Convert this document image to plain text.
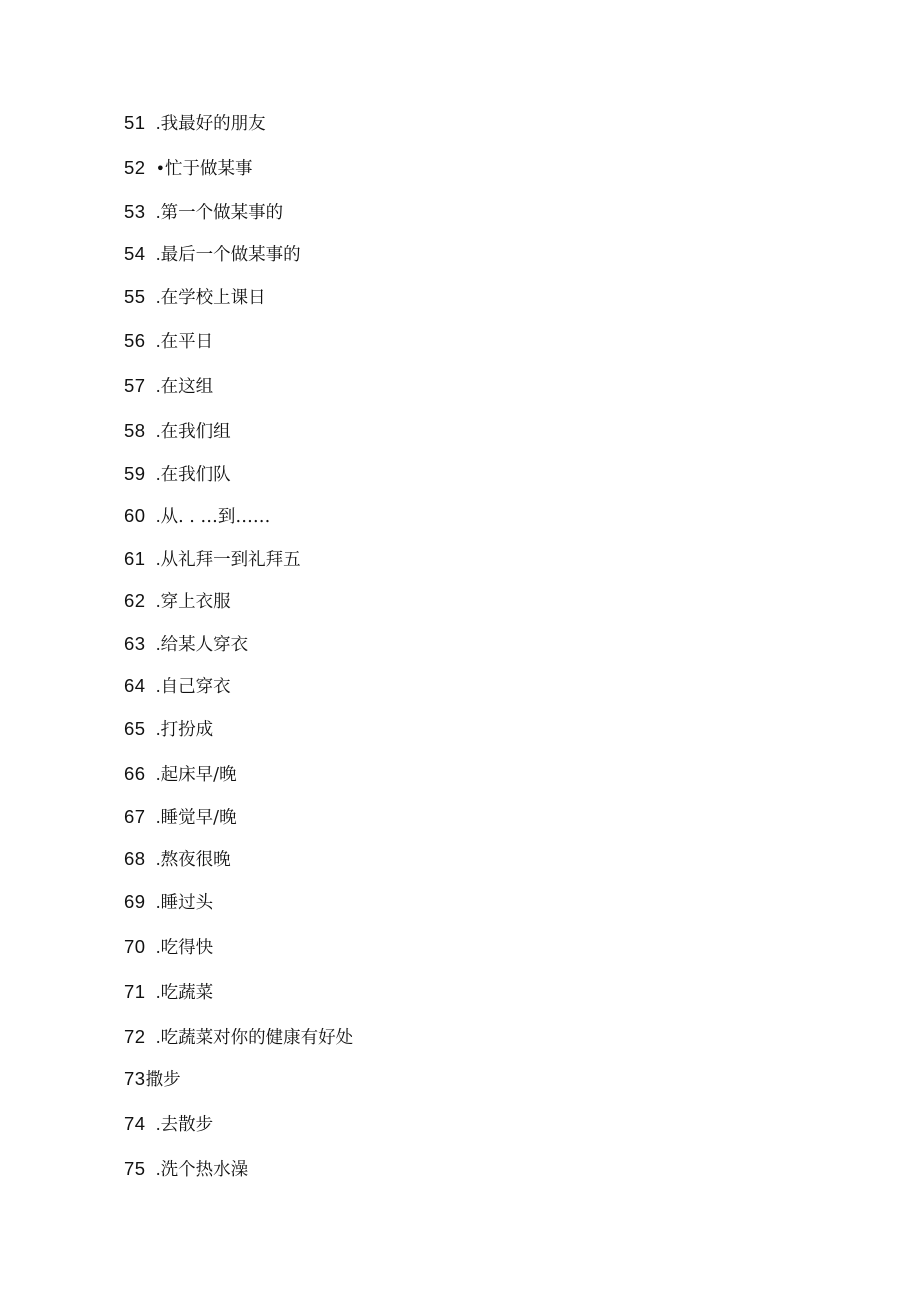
51 . 我最好的朋友
52 • 忙于做某事
53 . 第一个做某事的
54 . 最后一个做某事的
55 . 在学校上课日
56 . 在平日
57 . 在这组
58 . 在我们组
59 . 在我们队
60 . 从. . …到……
61 . 从礼拜一到礼拜五
62 . 穿上衣服
63 . 给某人穿衣
64 . 自己穿衣
65 . 打扮成
66 . 起床早/晚
67 . 睡觉早/晚
68 . 熬夜很晚
69 . 睡过头
70 . 吃得快
71 . 吃蔬菜
72 . 吃蔬菜对你的健康有好处
73 撒步
74 . 去散步
75 . 洗个热水澡
